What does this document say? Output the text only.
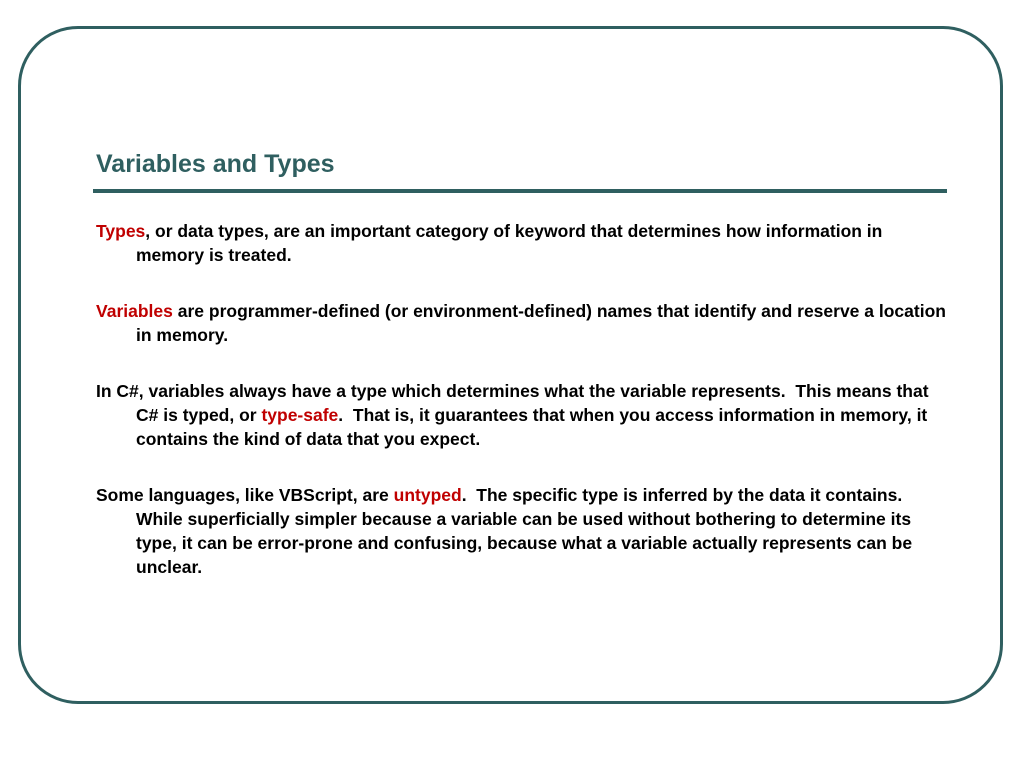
Variables and Types

Types, or data types, are an important category of keyword that determines how information in memory is treated.

Variables are programmer-defined (or environment-defined) names that identify and reserve a location in memory.

In C#, variables always have a type which determines what the variable represents.  This means that C# is typed, or type-safe.  That is, it guarantees that when you access information in memory, it contains the kind of data that you expect.

Some languages, like VBScript, are untyped.  The specific type is inferred by the data it contains.  While superficially simpler because a variable can be used without bothering to determine its type, it can be error-prone and confusing, because what a variable actually represents can be unclear.
